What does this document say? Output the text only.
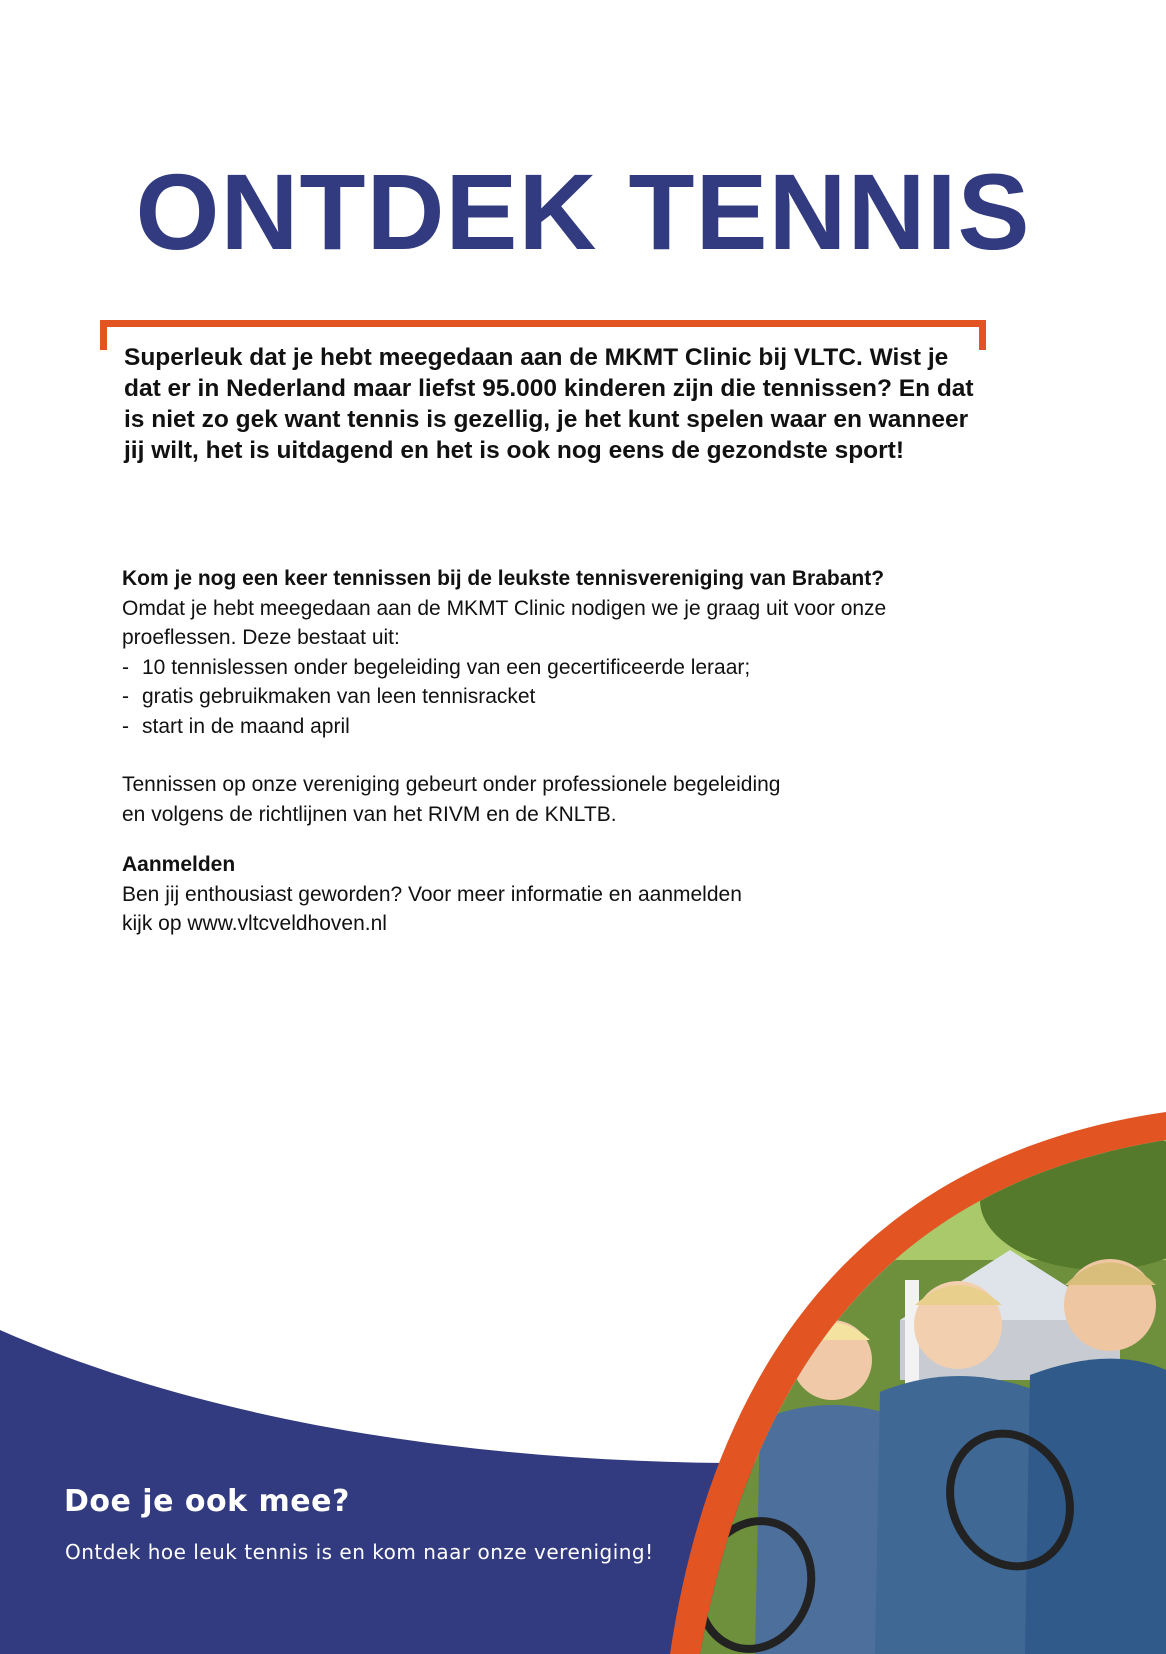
ONTDEK TENNIS

Superleuk dat je hebt meegedaan aan de MKMT Clinic bij VLTC. Wist je dat er in Nederland maar liefst 95.000 kinderen zijn die tennissen? En dat is niet zo gek want tennis is gezellig, je het kunt spelen waar en wanneer jij wilt, het is uitdagend en het is ook nog eens de gezondste sport!

Kom je nog een keer tennissen bij de leukste tennisvereniging van Brabant?

Omdat je hebt meegedaan aan de MKMT Clinic nodigen we je graag uit voor onze

proeflessen. Deze bestaat uit:

- 10 tennislessen onder begeleiding van een gecertificeerde leraar;
- gratis gebruikmaken van leen tennisracket
- start in de maand april

Tennissen op onze vereniging gebeurt onder professionele begeleiding

en volgens de richtlijnen van het RIVM en de KNLTB.

Aanmelden

Ben jij enthousiast geworden? Voor meer informatie en aanmelden

kijk op www.vltcveldhoven.nl

Doe je ook mee?

Ontdek hoe leuk tennis is en kom naar onze vereniging!
